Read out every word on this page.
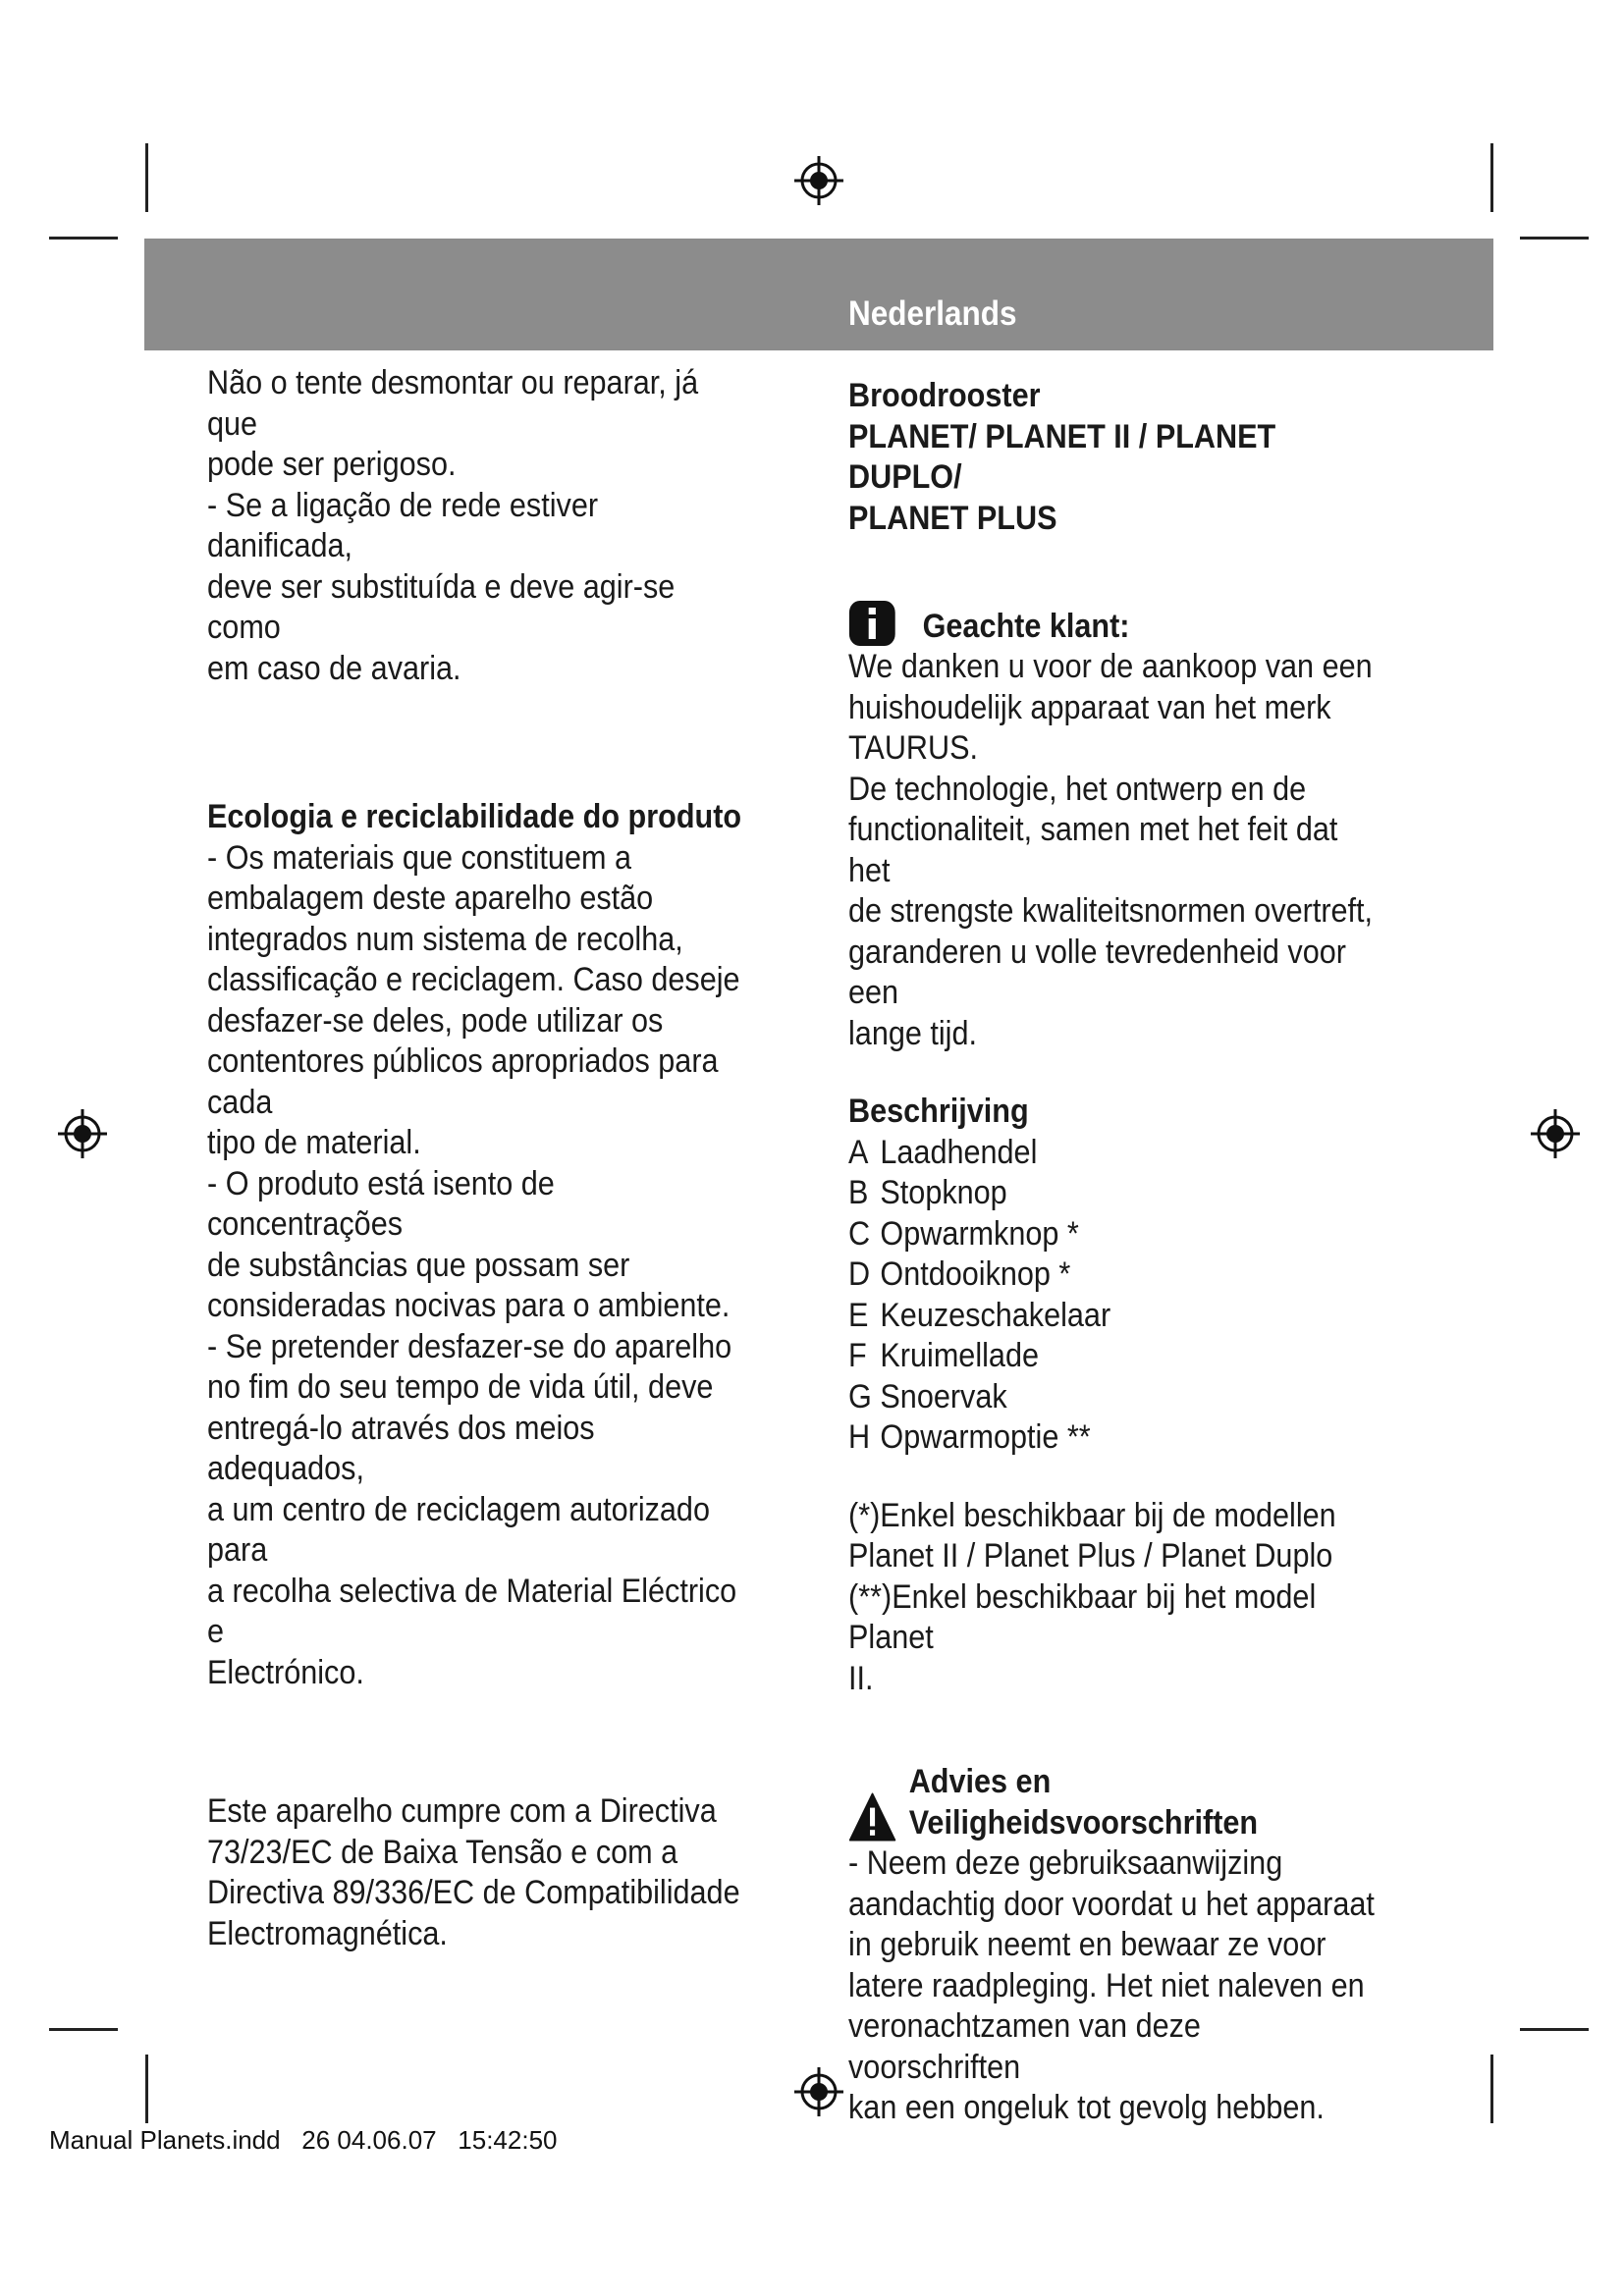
Nederlands

Não o tente desmontar ou reparar, já que
pode ser perigoso.
- Se a ligação de rede estiver danificada,
deve ser substituída e deve agir-se como
em caso de avaria.

Ecologia e reciclabilidade do produto

- Os materiais que constituem a
embalagem deste aparelho estão
integrados num sistema de recolha,
classificação e reciclagem. Caso deseje
desfazer-se deles, pode utilizar os
contentores públicos apropriados para cada
tipo de material.
- O produto está isento de concentrações
de substâncias que possam ser
consideradas nocivas para o ambiente.
- Se pretender desfazer-se do aparelho
no fim do seu tempo de vida útil, deve
entregá-lo através dos meios adequados,
a um centro de reciclagem autorizado para
a recolha selectiva de Material Eléctrico e
Electrónico.

Este aparelho cumpre com a Directiva
73/23/EC de Baixa Tensão e com a
Directiva 89/336/EC de Compatibilidade
Electromagnética.

Broodrooster
PLANET/ PLANET II / PLANET DUPLO/
PLANET PLUS

Geachte klant:

We danken u voor de aankoop van een
huishoudelijk apparaat van het merk
TAURUS.
De technologie, het ontwerp en de
functionaliteit, samen met het feit dat het
de strengste kwaliteitsnormen overtreft,
garanderen u volle tevredenheid voor een
lange tijd.

Beschrijving

A Laadhendel
B Stopknop
C Opwarmknop *
D Ontdooiknop *
E Keuzeschakelaar
F Kruimellade
G Snoervak
H Opwarmoptie **

(*)Enkel beschikbaar bij de modellen
Planet II / Planet Plus / Planet Duplo
(**)Enkel beschikbaar bij het model Planet
II.

Advies en Veiligheidsvoorschriften

- Neem deze gebruiksaanwijzing
aandachtig door voordat u het apparaat
in gebruik neemt en bewaar ze voor
latere raadpleging. Het niet naleven en
veronachtzamen van deze voorschriften
kan een ongeluk tot gevolg hebben.

Manual Planets.indd   26 04.06.07   15:42:50
